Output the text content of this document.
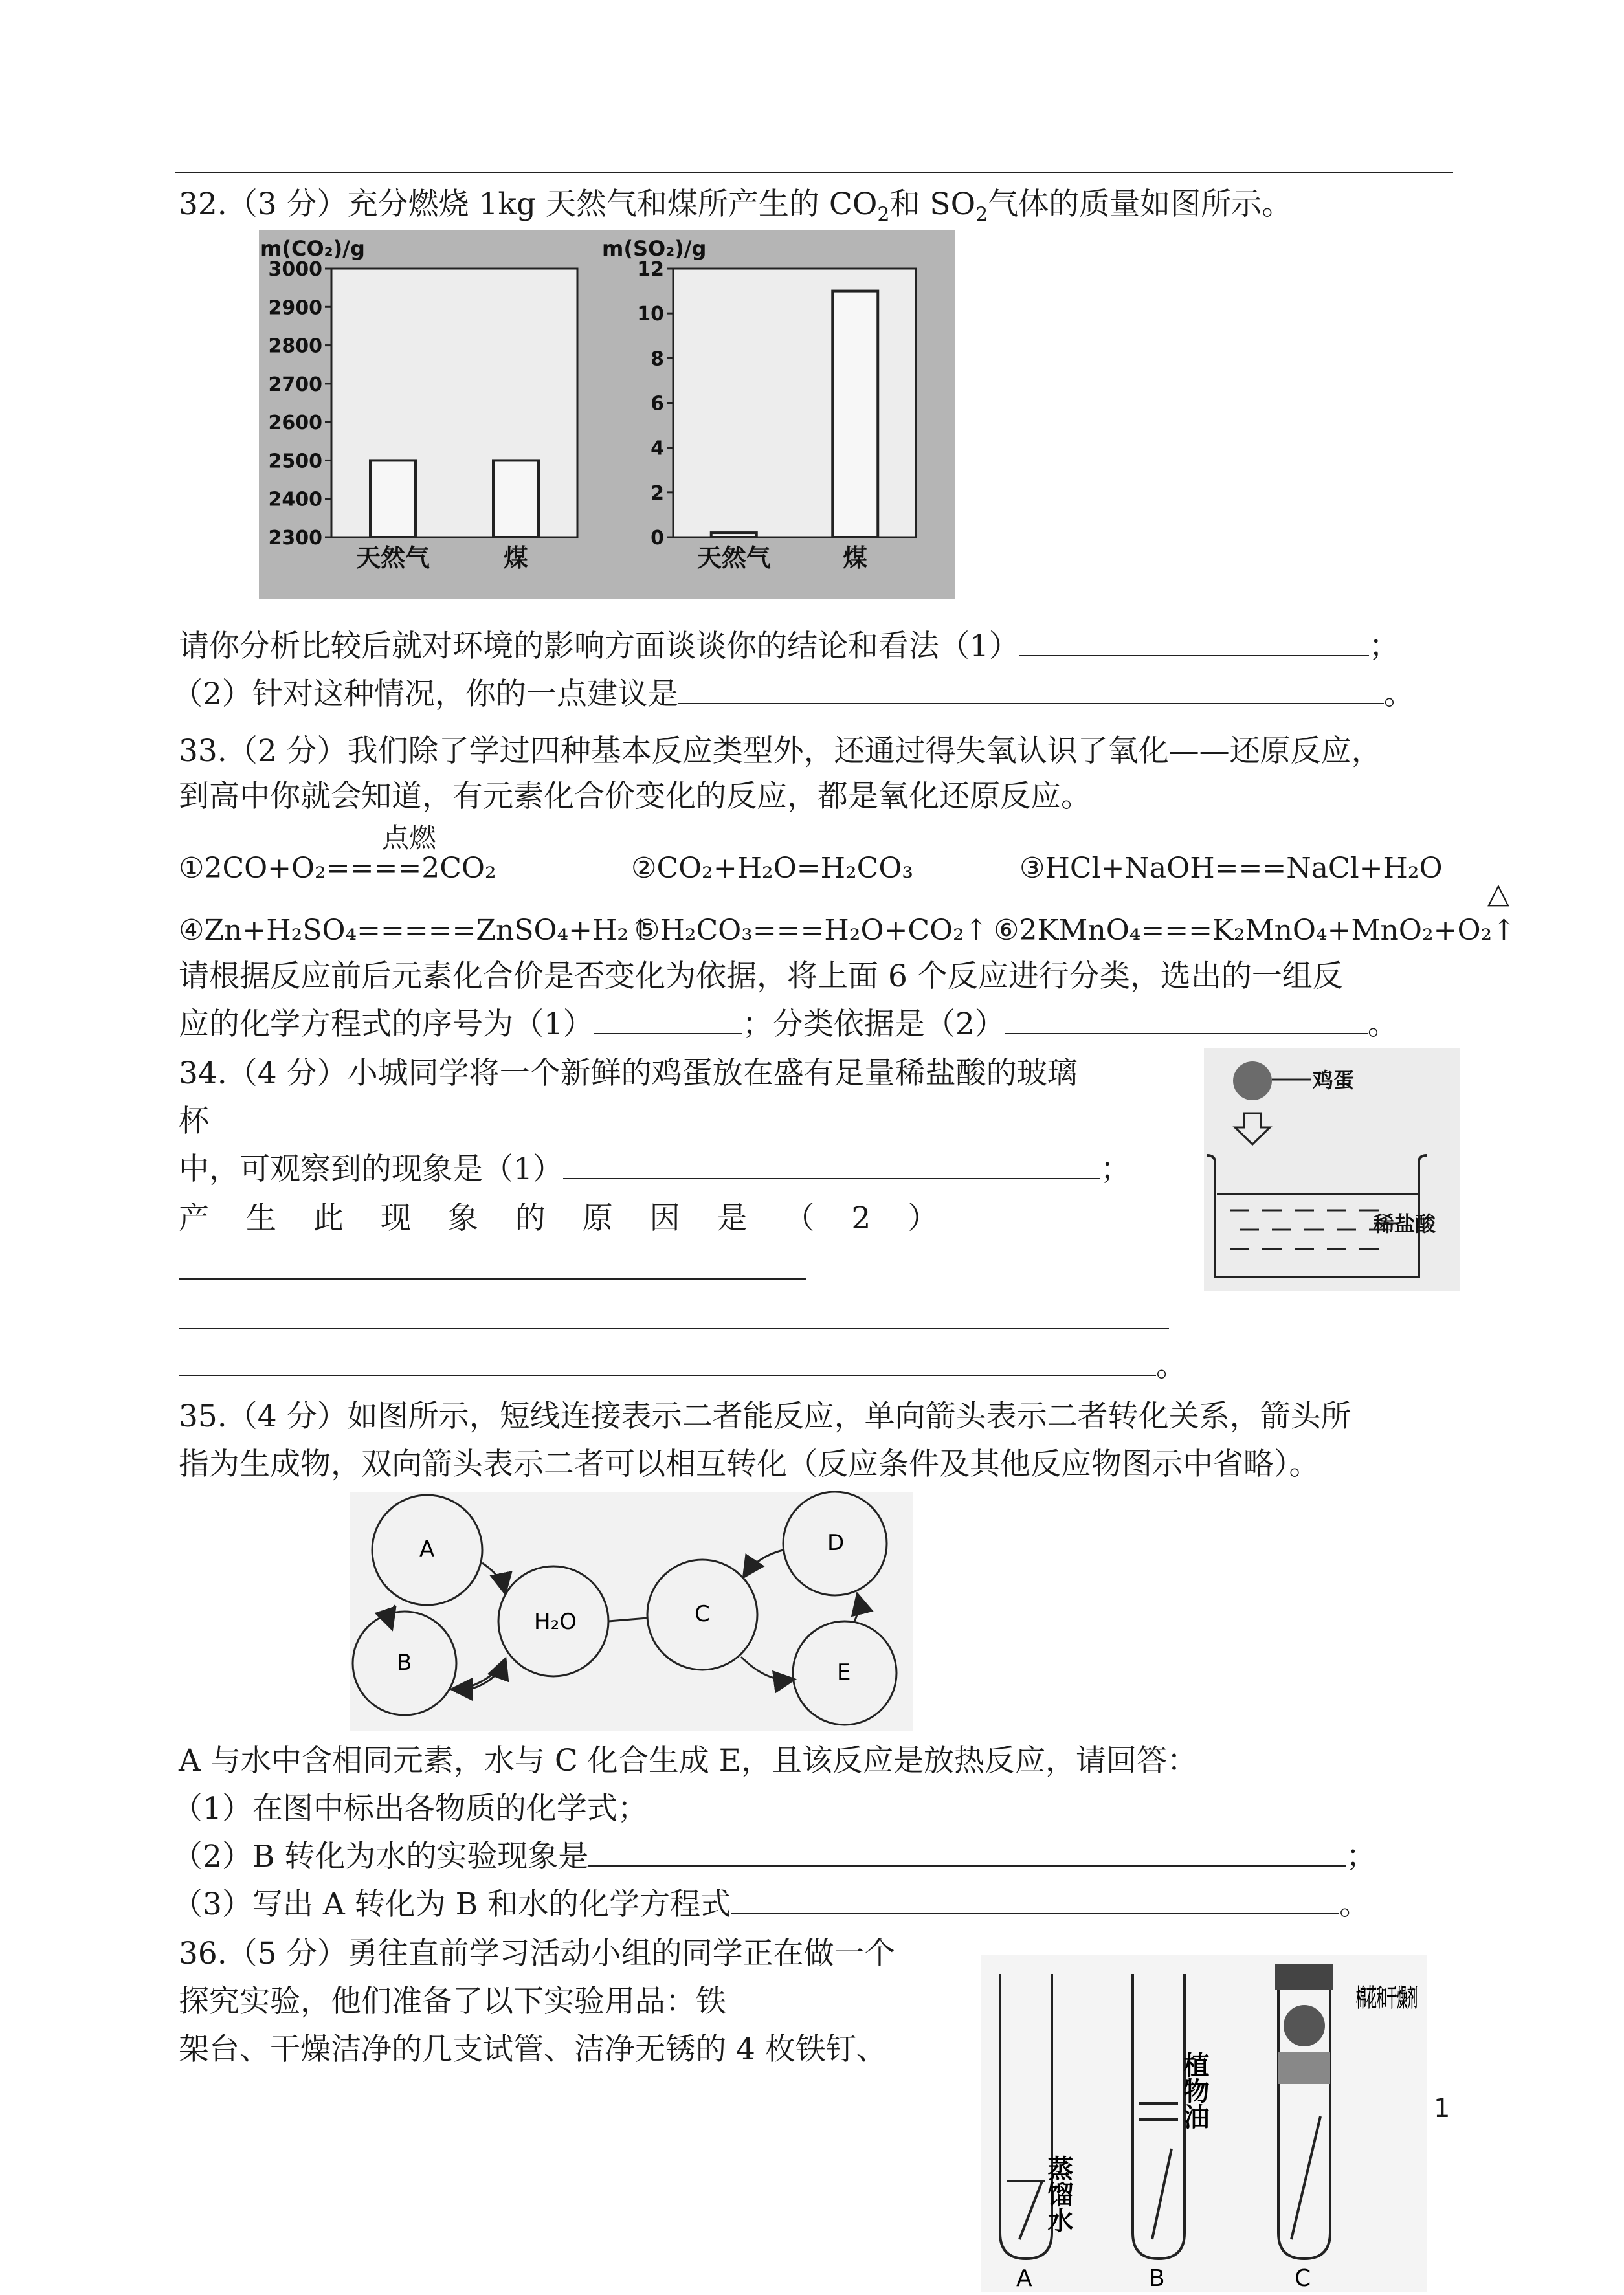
32.（3 分）充分燃烧 1kg 天然气和煤所产生的 $CO_2$和 $SO_2$气体的质量如图所示。
m(CO₂)/g
3000
2900
2800
2700
2600
2500
2400
2300
天然气	煤
m(SO₂)/g
12
10
8
6
4
2
0
天然气	煤
请你分析比较后就对环境的影响方面谈谈你的结论和看法（1）	；
（2）针对这种情况，你的一点建议是	。
33.（2 分）我们除了学过四种基本反应类型外，还通过得失氧认识了氧化——还原反应，
到高中你就会知道，有元素化合价变化的反应，都是氧化还原反应。
点燃
①2CO+O₂====2CO₂	②CO₂+H₂O=H₂CO₃	③HCl+NaOH===NaCl+H₂O
△
④Zn+H₂SO₄=====ZnSO₄+H₂↑
⑤H₂CO₃===H₂O+CO₂↑ ⑥2KMnO₄===K₂MnO₄+MnO₂+O₂↑
请根据反应前后元素化合价是否变化为依据，将上面 6 个反应进行分类，选出的一组反
应的化学方程式的序号为（1）	；分类依据是（2）	。
34.（4 分）小城同学将一个新鲜的鸡蛋放在盛有足量稀盐酸的玻璃
杯
中，可观察到的现象是（1）	；
产 生 此 现 象 的 原 因 是 （ 2 ）
。
鸡蛋
稀盐酸
35.（4 分）如图所示，短线连接表示二者能反应，单向箭头表示二者转化关系，箭头所
指为生成物，双向箭头表示二者可以相互转化（反应条件及其他反应物图示中省略）。
A
B
H₂O	C
D
E
A 与水中含相同元素，水与 C 化合生成 E，且该反应是放热反应，请回答：
（1）在图中标出各物质的化学式；
（2）B 转化为水的实验现象是	；
（3）写出 A 转化为 B 和水的化学方程式	。
36.（5 分）勇往直前学习活动小组的同学正在做一个
探究实验，他们准备了以下实验用品：铁
架台、干燥洁净的几支试管、洁净无锈的 4 枚铁钉、
蒸馏水
植物油
棉花和干燥剂
A	B	C
1
